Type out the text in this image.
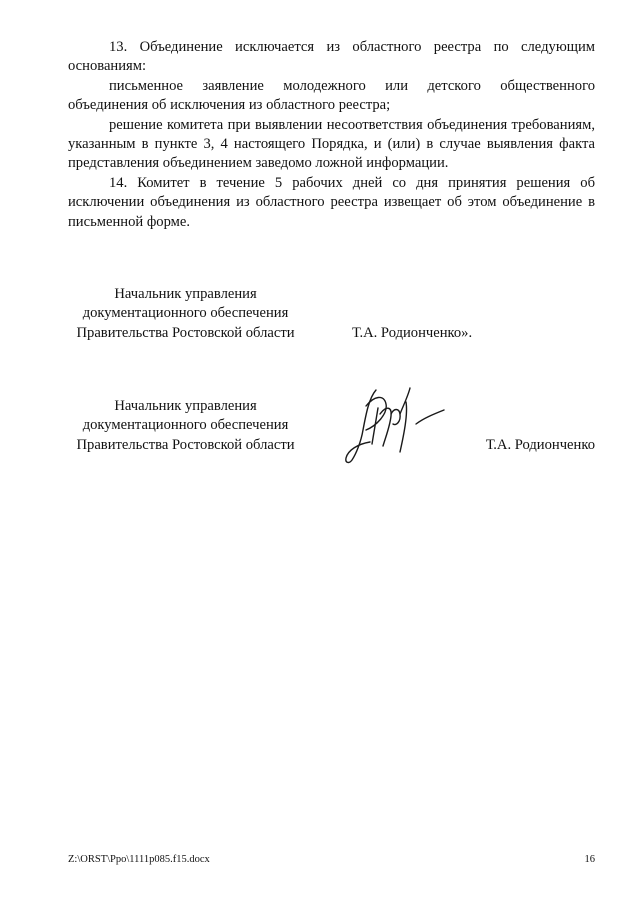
13. Объединение исключается из областного реестра по следующим основаниям:

письменное заявление молодежного или детского общественного объединения об исключения из областного реестра;

решение комитета при выявлении несоответствия объединения требованиям, указанным в пункте 3, 4 настоящего Порядка, и (или) в случае выявления факта представления объединением заведомо ложной информации.

14. Комитет в течение 5 рабочих дней со дня принятия решения об исключении объединения из областного реестра извещает об этом объединение в письменной форме.

Начальник управления
документационного обеспечения
Правительства Ростовской области	Т.А. Родионченко».
Начальник управления
документационного обеспечения
Правительства Ростовской области	Т.А. Родионченко
Z:\ORST\Ppo\1111p085.f15.docx	16
